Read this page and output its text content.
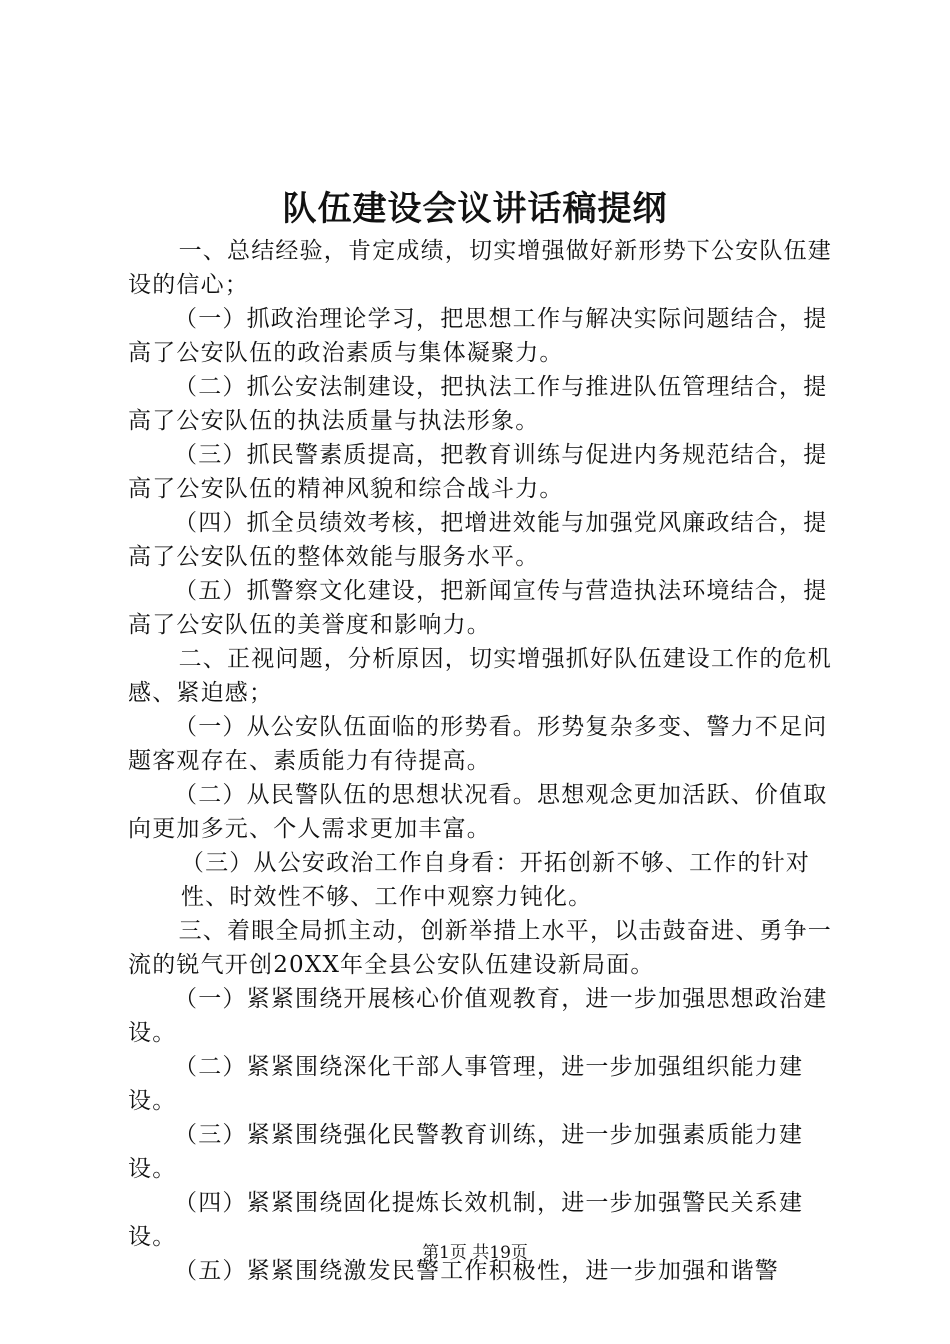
队伍建设会议讲话稿提纲

一、总结经验，肯定成绩，切实增强做好新形势下公安队伍建设的信心；

（一）抓政治理论学习，把思想工作与解决实际问题结合，提高了公安队伍的政治素质与集体凝聚力。

（二）抓公安法制建设，把执法工作与推进队伍管理结合，提高了公安队伍的执法质量与执法形象。

（三）抓民警素质提高，把教育训练与促进内务规范结合，提高了公安队伍的精神风貌和综合战斗力。

（四）抓全员绩效考核，把增进效能与加强党风廉政结合，提高了公安队伍的整体效能与服务水平。

（五）抓警察文化建设，把新闻宣传与营造执法环境结合，提高了公安队伍的美誉度和影响力。

二、正视问题，分析原因，切实增强抓好队伍建设工作的危机感、紧迫感；

（一）从公安队伍面临的形势看。形势复杂多变、警力不足问题客观存在、素质能力有待提高。

（二）从民警队伍的思想状况看。思想观念更加活跃、价值取向更加多元、个人需求更加丰富。

（三）从公安政治工作自身看：开拓创新不够、工作的针对性、时效性不够、工作中观察力钝化。

三、着眼全局抓主动，创新举措上水平，以击鼓奋进、勇争一流的锐气开创20XX年全县公安队伍建设新局面。

（一）紧紧围绕开展核心价值观教育，进一步加强思想政治建设。

（二）紧紧围绕深化干部人事管理，进一步加强组织能力建设。

（三）紧紧围绕强化民警教育训练，进一步加强素质能力建设。

（四）紧紧围绕固化提炼长效机制，进一步加强警民关系建设。

（五）紧紧围绕激发民警工作积极性，进一步加强和谐警

第1页 共19页
